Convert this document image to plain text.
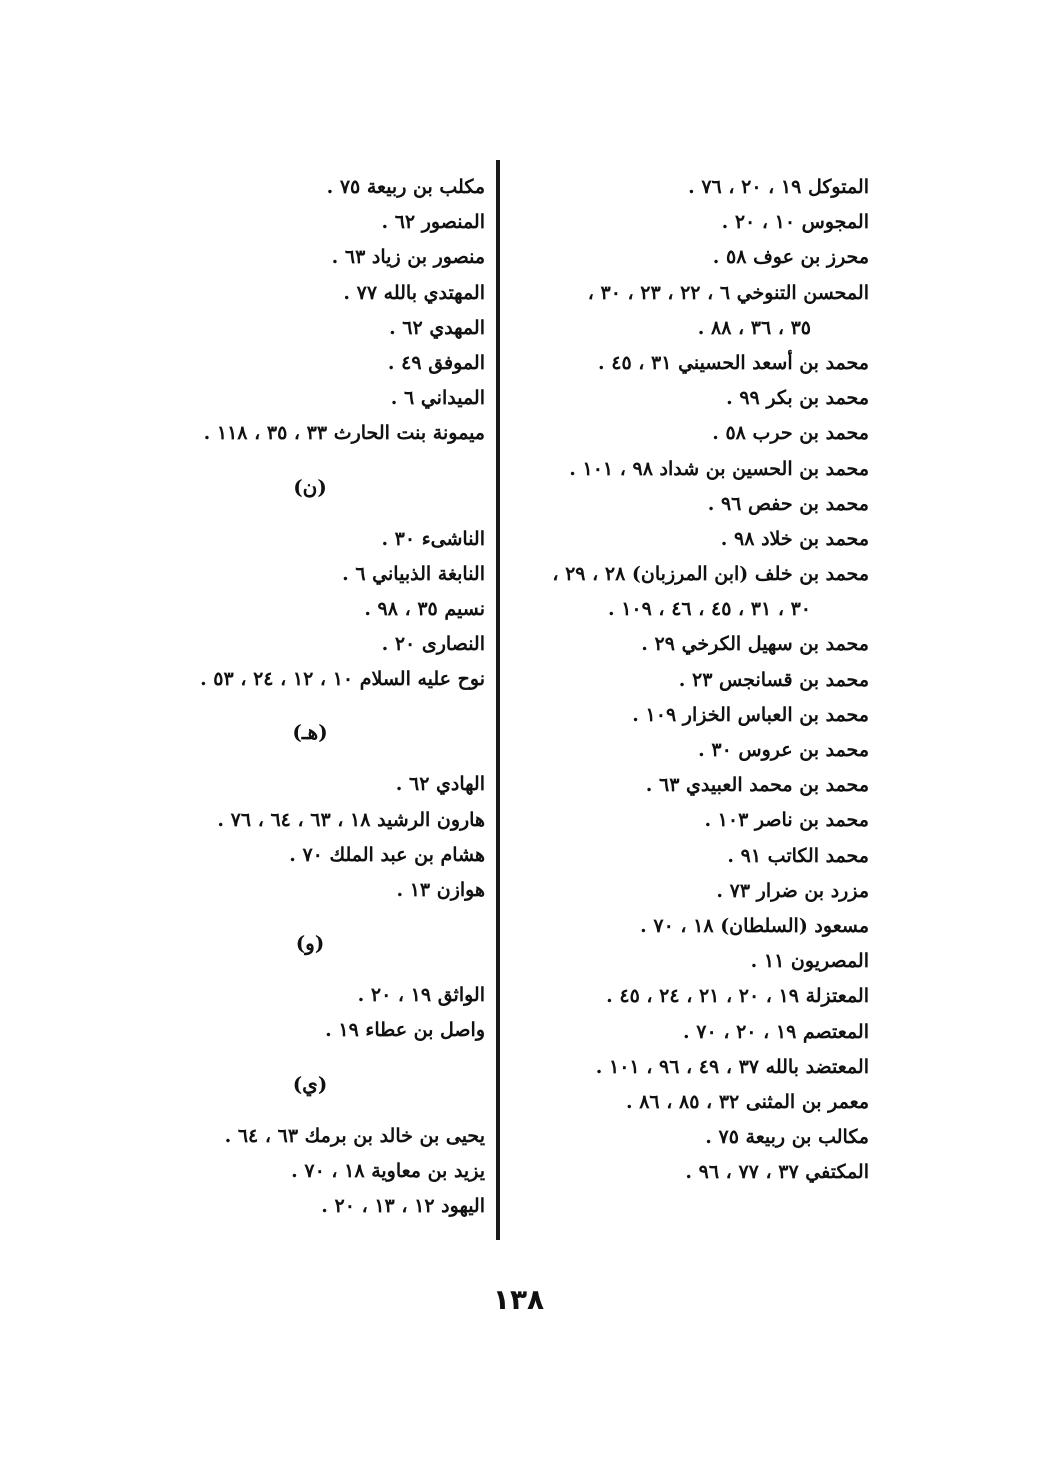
المتوكل ١٩ ، ٢٠ ، ٧٦ .
المجوس ١٠ ، ٢٠ .
محرز بن عوف ٥٨ .
المحسن التنوخي ٦ ، ٢٢ ، ٢٣ ، ٣٠ ،
٣٥ ، ٣٦ ، ٨٨ .
محمد بن أسعد الحسيني ٣١ ، ٤٥ .
محمد بن بكر ٩٩ .
محمد بن حرب ٥٨ .
محمد بن الحسين بن شداد ٩٨ ، ١٠١ .
محمد بن حفص ٩٦ .
محمد بن خلاد ٩٨ .
محمد بن خلف (ابن المرزبان) ٢٨ ، ٢٩ ،
٣٠ ، ٣١ ، ٤٥ ، ٤٦ ، ١٠٩ .
محمد بن سهيل الكرخي ٢٩ .
محمد بن قسانجس ٢٣ .
محمد بن العباس الخزار ١٠٩ .
محمد بن عروس ٣٠ .
محمد بن محمد العبيدي ٦٣ .
محمد بن ناصر ١٠٣ .
محمد الكاتب ٩١ .
مزرد بن ضرار ٧٣ .
مسعود (السلطان) ١٨ ، ٧٠ .
المصريون ١١ .
المعتزلة ١٩ ، ٢٠ ، ٢١ ، ٢٤ ، ٤٥ .
المعتصم ١٩ ، ٢٠ ، ٧٠ .
المعتضد بالله ٣٧ ، ٤٩ ، ٩٦ ، ١٠١ .
معمر بن المثنى ٣٢ ، ٨٥ ، ٨٦ .
مكالب بن ربيعة ٧٥ .
المكتفي ٣٧ ، ٧٧ ، ٩٦ .
مكلب بن ربيعة ٧٥ .
المنصور ٦٢ .
منصور بن زياد ٦٣ .
المهتدي بالله ٧٧ .
المهدي ٦٢ .
الموفق ٤٩ .
الميداني ٦ .
ميمونة بنت الحارث ٣٣ ، ٣٥ ، ١١٨ .
(ن)
الناشىء ٣٠ .
النابغة الذبياني ٦ .
نسيم ٣٥ ، ٩٨ .
النصارى ٢٠ .
نوح عليه السلام ١٠ ، ١٢ ، ٢٤ ، ٥٣ .
(هـ)
الهادي ٦٢ .
هارون الرشيد ١٨ ، ٦٣ ، ٦٤ ، ٧٦ .
هشام بن عبد الملك ٧٠ .
هوازن ١٣ .
(و)
الواثق ١٩ ، ٢٠ .
واصل بن عطاء ١٩ .
(ي)
يحيى بن خالد بن برمك ٦٣ ، ٦٤ .
يزيد بن معاوية ١٨ ، ٧٠ .
اليهود ١٢ ، ١٣ ، ٢٠ .
١٣٨
